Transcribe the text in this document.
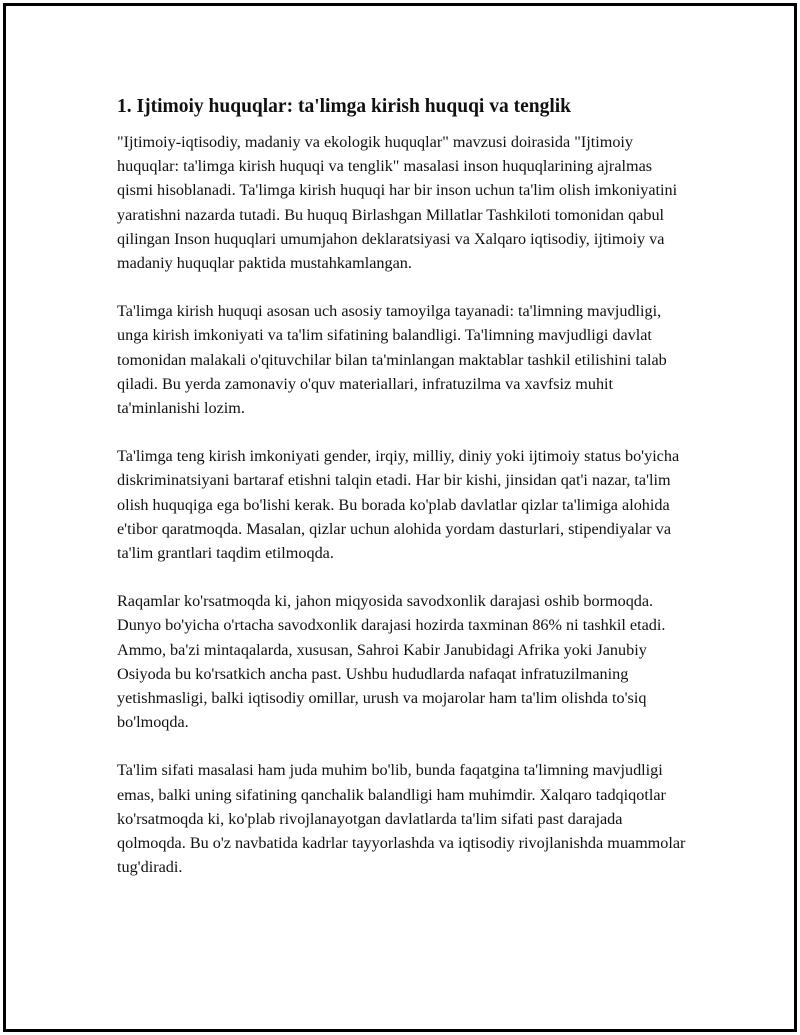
1. Ijtimoiy huquqlar: ta'limga kirish huquqi va tenglik

"Ijtimoiy-iqtisodiy, madaniy va ekologik huquqlar" mavzusi doirasida "Ijtimoiy huquqlar: ta'limga kirish huquqi va tenglik" masalasi inson huquqlarining ajralmas qismi hisoblanadi. Ta'limga kirish huquqi har bir inson uchun ta'lim olish imkoniyatini yaratishni nazarda tutadi. Bu huquq Birlashgan Millatlar Tashkiloti tomonidan qabul qilingan Inson huquqlari umumjahon deklaratsiyasi va Xalqaro iqtisodiy, ijtimoiy va madaniy huquqlar paktida mustahkamlangan.

Ta'limga kirish huquqi asosan uch asosiy tamoyilga tayanadi: ta'limning mavjudligi, unga kirish imkoniyati va ta'lim sifatining balandligi. Ta'limning mavjudligi davlat tomonidan malakali o'qituvchilar bilan ta'minlangan maktablar tashkil etilishini talab qiladi. Bu yerda zamonaviy o'quv materiallari, infratuzilma va xavfsiz muhit ta'minlanishi lozim.

Ta'limga teng kirish imkoniyati gender, irqiy, milliy, diniy yoki ijtimoiy status bo'yicha diskriminatsiyani bartaraf etishni talqin etadi. Har bir kishi, jinsidan qat'i nazar, ta'lim olish huquqiga ega bo'lishi kerak. Bu borada ko'plab davlatlar qizlar ta'limiga alohida e'tibor qaratmoqda. Masalan, qizlar uchun alohida yordam dasturlari, stipendiyalar va ta'lim grantlari taqdim etilmoqda.

Raqamlar ko'rsatmoqda ki, jahon miqyosida savodxonlik darajasi oshib bormoqda. Dunyo bo'yicha o'rtacha savodxonlik darajasi hozirda taxminan 86% ni tashkil etadi. Ammo, ba'zi mintaqalarda, xususan, Sahroi Kabir Janubidagi Afrika yoki Janubiy Osiyoda bu ko'rsatkich ancha past. Ushbu hududlarda nafaqat infratuzilmaning yetishmasligi, balki iqtisodiy omillar, urush va mojarolar ham ta'lim olishda to'siq bo'lmoqda.

Ta'lim sifati masalasi ham juda muhim bo'lib, bunda faqatgina ta'limning mavjudligi emas, balki uning sifatining qanchalik balandligi ham muhimdir. Xalqaro tadqiqotlar ko'rsatmoqda ki, ko'plab rivojlanayotgan davlatlarda ta'lim sifati past darajada qolmoqda. Bu o'z navbatida kadrlar tayyorlashda va iqtisodiy rivojlanishda muammolar tug'diradi.
